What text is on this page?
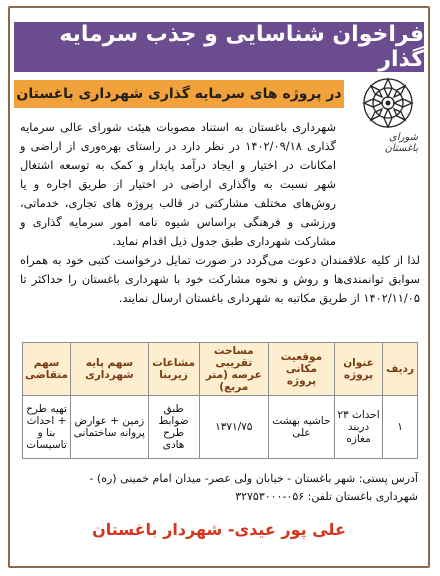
فراخوان شناسایی و جذب سرمایه گذار
در پروژه های سرمایه گذاری شهرداری باغستان
شورای باغستان
شهرداری باغستان به استناد مصوبات هیئت شورای عالی سرمایه گذاری ۱۴۰۲/۰۹/۱۸ در نظر دارد در راستای بهره‌وری از اراضی و امکانات در اختیار و ایجاد درآمد پایدار و کمک به توسعه اشتغال شهر نسبت به واگذاری اراضی در اختیار از طریق اجاره و یا روش‌های مختلف مشارکتی در قالب پروژه های تجاری، خدماتی، ورزشی و فرهنگی براساس شیوه نامه امور سرمایه گذاری و مشارکت شهرداری طبق جدول ذیل اقدام نماید.
لذا از کلیه علاقمندان دعوت می‌گردد در صورت تمایل درخواست کتبی خود به همراه سوابق توانمندی‌ها و روش و نحوه مشارکت خود با شهرداری باغستان را حداکثر تا ۱۴۰۲/۱۱/۰۵ از طریق مکاتبه به شهرداری باغستان ارسال نمایند.
ردیف	عنوان پروژه	موقعیت مکانی پروژه	مساحت تقریبی عرصه (متر مربع)	مشاعات زیربنا	سهم پایه شهرداری	سهم متقاضی
۱	احداث ۲۳ دربند مغازه	حاشیه بهشت علی	۱۳۷۱/۷۵	طبق ضوابط طرح هادی	زمین + عوارض پروانه ساختمانی	تهیه طرح + احداث بنا و تاسیسات
آدرس پستی: شهر باغستان - خیابان ولی عصر- میدان امام خمینی (ره) -
شهرداری باغستان تلفن: ۰۵۶-۳۲۷۵۳۰۰۰
علی پور عیدی- شهردار باغستان
